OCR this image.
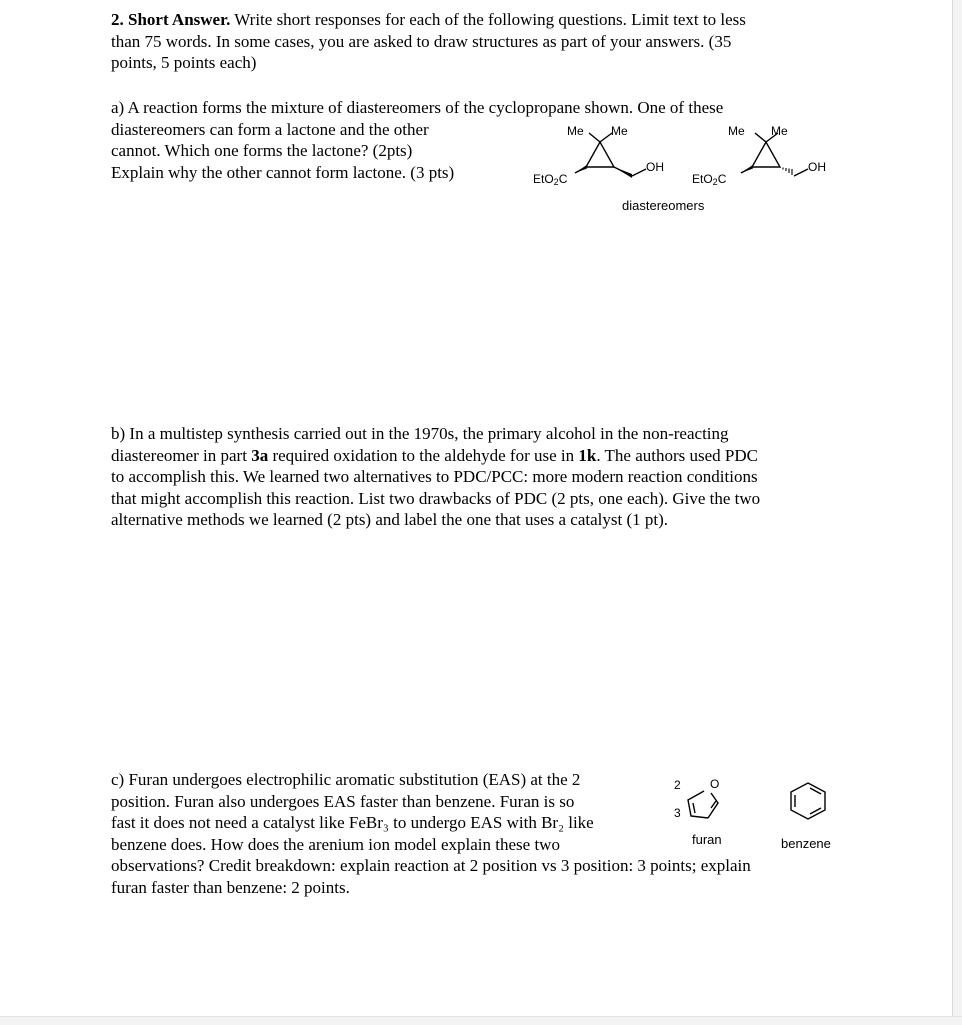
2. Short Answer. Write short responses for each of the following questions. Limit text to less
than 75 words. In some cases, you are asked to draw structures as part of your answers. (35
points, 5 points each)
a) A reaction forms the mixture of diastereomers of the cyclopropane shown. One of these
diastereomers can form a lactone and the other
cannot. Which one forms the lactone? (2pts)
Explain why the other cannot form lactone. (3 pts)
Me Me
OH
EtO$_2$C
Me Me
OH
EtO$_2$C
diastereomers
b) In a multistep synthesis carried out in the 1970s, the primary alcohol in the non-reacting
diastereomer in part 3a required oxidation to the aldehyde for use in 1k. The authors used PDC
to accomplish this. We learned two alternatives to PDC/PCC: more modern reaction conditions
that might accomplish this reaction. List two drawbacks of PDC (2 pts, one each). Give the two
alternative methods we learned (2 pts) and label the one that uses a catalyst (1 pt).
c) Furan undergoes electrophilic aromatic substitution (EAS) at the 2
position. Furan also undergoes EAS faster than benzene. Furan is so
fast it does not need a catalyst like FeBr₃ to undergo EAS with Br₂ like
benzene does. How does the arenium ion model explain these two
observations? Credit breakdown: explain reaction at 2 position vs 3 position: 3 points; explain
furan faster than benzene: 2 points.
2
3
O
furan	benzene
